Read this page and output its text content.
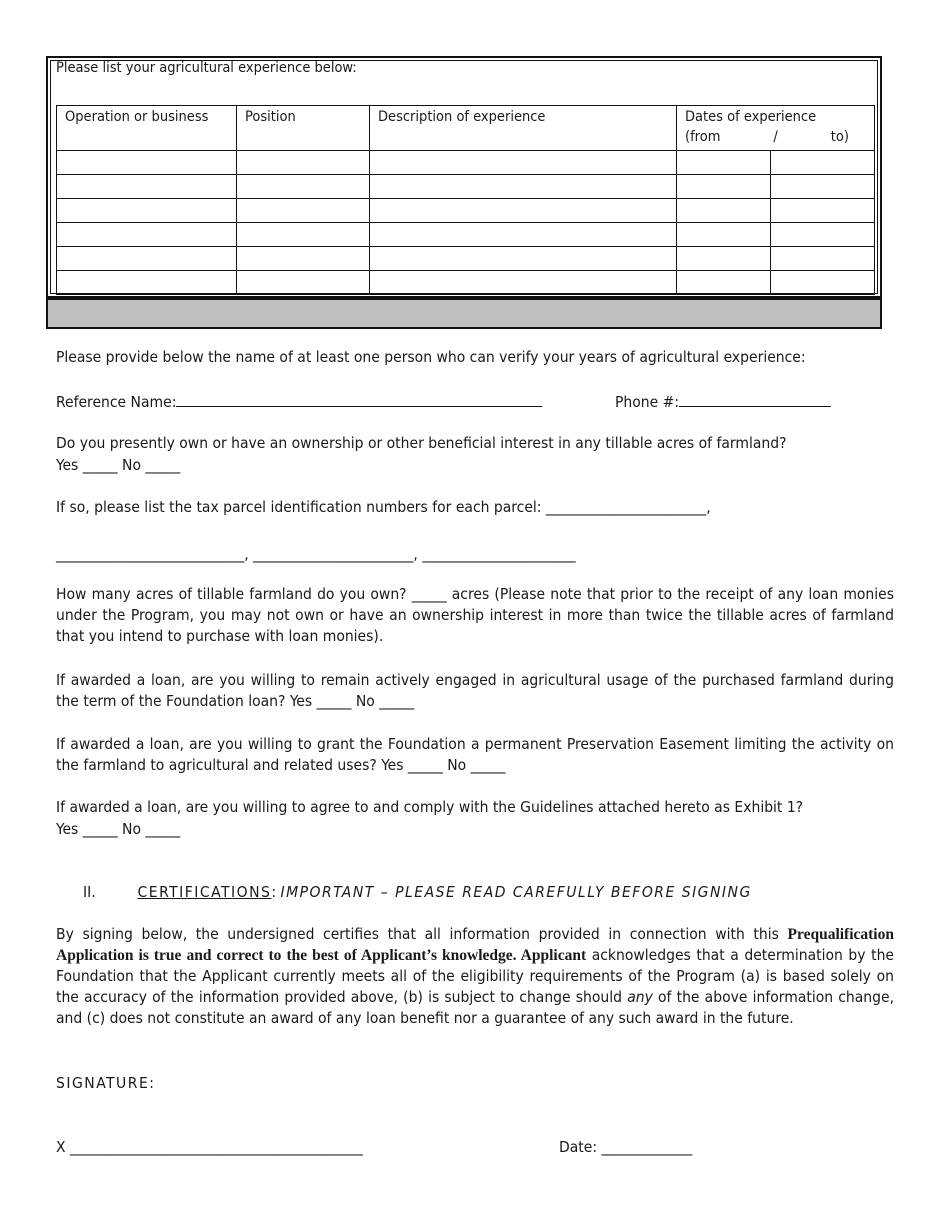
Please list your agricultural experience below:
Operation or business	Position	Description of experience	Dates of experience
(from / to)	

Please provide below the name of at least one person who can verify your years of agricultural experience:
Reference Name:	Phone #:
Do you presently own or have an ownership or other beneficial interest in any tillable acres of farmland?
Yes _____ No _____
If so, please list the tax parcel identification numbers for each parcel: _______________________,
___________________________, _______________________, ______________________
How many acres of tillable farmland do you own? _____ acres (Please note that prior to the receipt of any loan monies under the Program, you may not own or have an ownership interest in more than twice the tillable acres of farmland that you intend to purchase with loan monies).
If awarded a loan, are you willing to remain actively engaged in agricultural usage of the purchased farmland during the term of the Foundation loan? Yes _____ No _____
If awarded a loan, are you willing to grant the Foundation a permanent Preservation Easement limiting the activity on the farmland to agricultural and related uses? Yes _____ No _____
If awarded a loan, are you willing to agree to and comply with the Guidelines attached hereto as Exhibit 1?
Yes _____ No _____
II.	CERTIFICATIONS: IMPORTANT – PLEASE READ CAREFULLY BEFORE SIGNING
By signing below, the undersigned certifies that all information provided in connection with this Prequalification Application is true and correct to the best of Applicant’s knowledge. Applicant acknowledges that a determination by the Foundation that the Applicant currently meets all of the eligibility requirements of the Program (a) is based solely on the accuracy of the information provided above, (b) is subject to change should any of the above information change, and (c) does not constitute an award of any loan benefit nor a guarantee of any such award in the future.
SIGNATURE:
X __________________________________________	Date: _____________
